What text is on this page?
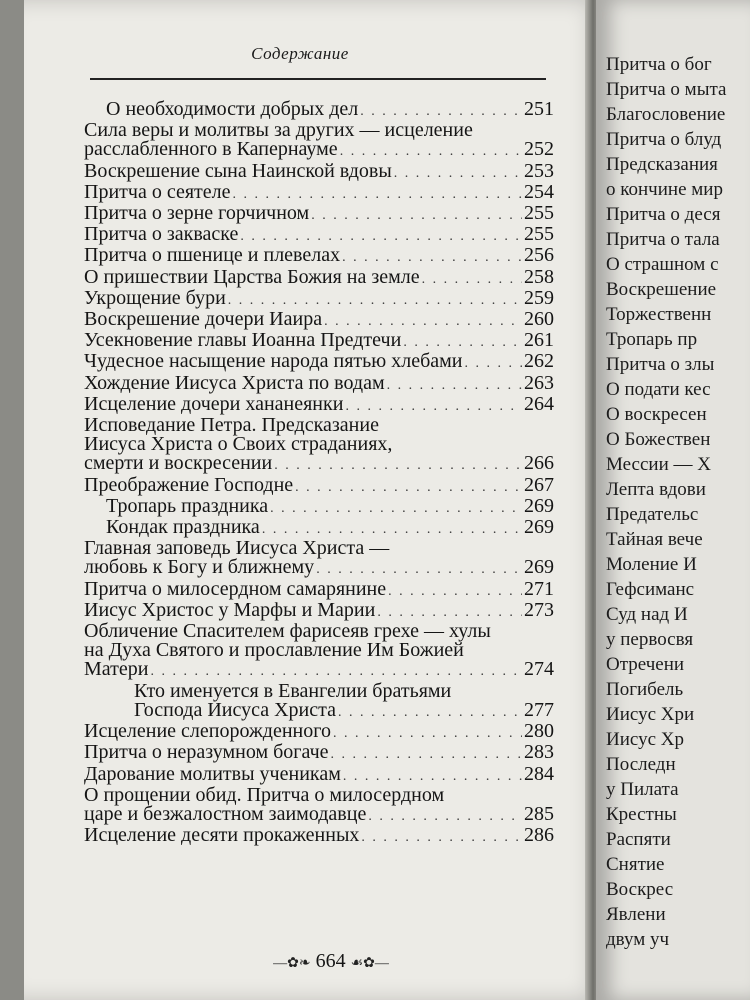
Содержание
О необходимости добрых дел . . .	251
Сила веры и молитвы за других — исцеление
расслабленного в Капернауме . . .	252
Воскрешение сына Наинской вдовы . . .	253
Притча о сеятеле . . .	254
Притча о зерне горчичном . . .	255
Притча о закваске . . .	255
Притча о пшенице и плевелах . . .	256
О пришествии Царства Божия на земле . . .	258
Укрощение бури . . .	259
Воскрешение дочери Иаира . . .	260
Усекновение главы Иоанна Предтечи . . .	261
Чудесное насыщение народа пятью хлебами . . .	262
Хождение Иисуса Христа по водам . . .	263
Исцеление дочери хананеянки . . .	264
Исповедание Петра. Предсказание
Иисуса Христа о Своих страданиях,
смерти и воскресении . . .	266
Преображение Господне . . .	267
Тропарь праздника . . .	269
Кондак праздника . . .	269
Главная заповедь Иисуса Христа —
любовь к Богу и ближнему . . .	269
Притча о милосердном самарянине . . .	271
Иисус Христос у Марфы и Марии . . .	273
Обличение Спасителем фарисеяв грехе — хулы
на Духа Святого и прославление Им Божией
Матери . . .	274
Кто именуется в Евангелии братьями
Господа Иисуса Христа . . .	277
Исцеление слепорожденного . . .	280
Притча о неразумном богаче . . .	283
Дарование молитвы ученикам . . .	284
О прощении обид. Притча о милосердном
царе и безжалостном заимодавце . . .	285
Исцеление десяти прокаженных . . .	286
—✿❧ 664 ☙✿—
Притча о бог
Притча о мыта
Благословение
Притча о блуд
Предсказания
о кончине мир
Притча о деся
Притча о тала
О страшном с
Воскрешение
Торжественн
Тропарь пр
Притча о злы
О подати кес
О воскресен
О Божествен
Мессии — Х
Лепта вдови
Предательс
Тайная вече
Моление И
Гефсиманс
Суд над И
у первосвя
Отречени
Погибель
Иисус Хри
Иисус Хр
Последн
у Пилата
Крестны
Распяти
Снятие
Воскрес
Явлени
двум уч
